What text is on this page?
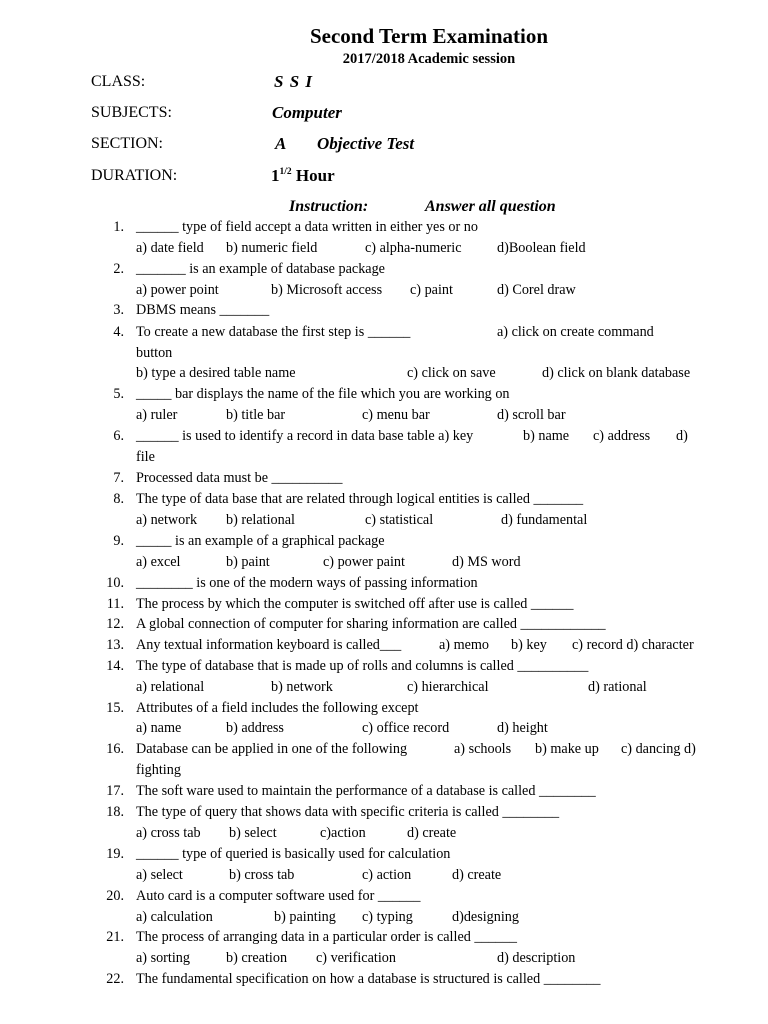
Second Term Examination
2017/2018 Academic session
CLASS:	S S I
SUBJECTS:	Computer
SECTION:	A Objective Test
DURATION:	$1^{1/2}$ Hour
Instruction:	Answer all question
1. ______ type of field accept a data written in either yes or no
a) date field b) numeric field	c) alpha-numeric	d)Boolean field
2. _______ is an example of database package
a) power point	b) Microsoft access c) paint	d) Corel draw
3. DBMS means _______
4. To create a new database the first step is ______	a) click on create command
button
b) type a desired table name	c) click on save	d) click on blank database
5. _____ bar displays the name of the file which you are working on
a) ruler	b) title bar	c) menu bar	d) scroll bar
6. ______ is used to identify a record in data base table a) key	b) name c) address d)
file
7. Processed data must be __________
8. The type of data base that are related through logical entities is called _______
a) network b) relational	c) statistical	d) fundamental
9. _____ is an example of a graphical package
a) excel	b) paint	c) power paint	d) MS word
10. ________ is one of the modern ways of passing information
11. The process by which the computer is switched off after use is called ______
12. A global connection of computer for sharing information are called ____________
13. Any textual information keyboard is called___	a) memo b) key c) record d) character
14. The type of database that is made up of rolls and columns is called __________
a) relational	b) network	c) hierarchical	d) rational
15. Attributes of a field includes the following except
a) name	b) address	c) office record	d) height
16. Database can be applied in one of the following	a) schools b) make up c) dancing d)
fighting
17. The soft ware used to maintain the performance of a database is called ________
18. The type of query that shows data with specific criteria is called ________
a) cross tab b) select	c)action	d) create
19. ______ type of queried is basically used for calculation
a) select	b) cross tab	c) action	d) create
20. Auto card is a computer software used for ______
a) calculation	b) painting c) typing	d)designing
21. The process of arranging data in a particular order is called ______
a) sorting	b) creation c) verification	d) description
22. The fundamental specification on how a database is structured is called ________
